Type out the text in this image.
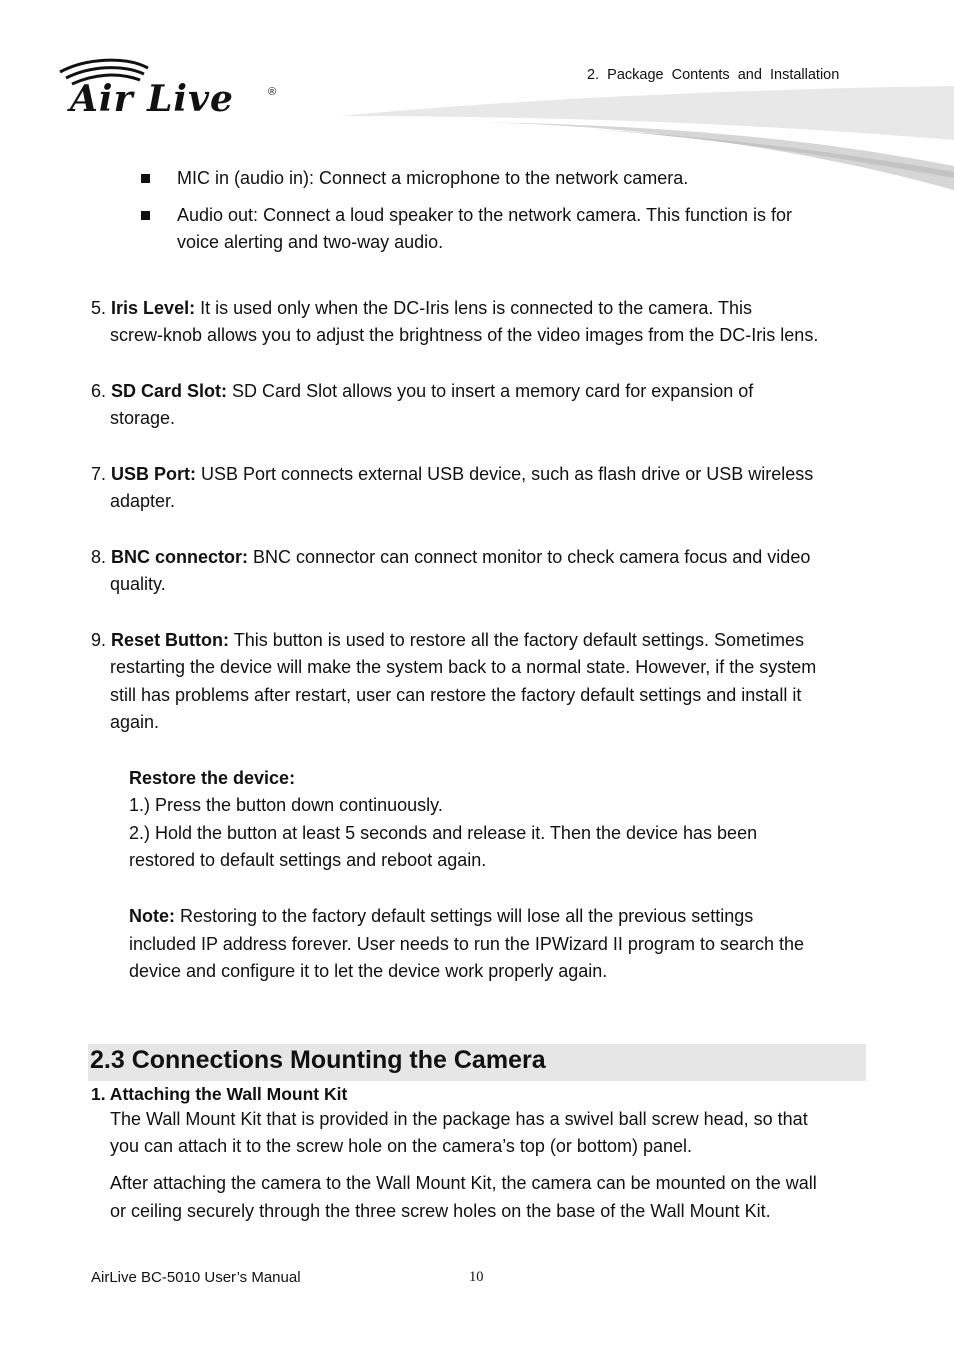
Air Live	®
2.  Package  Contents  and  Installation
MIC in (audio in): Connect a microphone to the network camera.
Audio out: Connect a loud speaker to the network camera. This function is for
voice alerting and two-way audio.
5. Iris Level: It is used only when the DC-Iris lens is connected to the camera. This
screw-knob allows you to adjust the brightness of the video images from the DC-Iris lens.
6. SD Card Slot: SD Card Slot allows you to insert a memory card for expansion of
storage.
7. USB Port: USB Port connects external USB device, such as flash drive or USB wireless
adapter.
8. BNC connector: BNC connector can connect monitor to check camera focus and video
quality.
9. Reset Button: This button is used to restore all the factory default settings. Sometimes
restarting the device will make the system back to a normal state. However, if the system
still has problems after restart, user can restore the factory default settings and install it
again.
Restore the device:
1.) Press the button down continuously.
2.) Hold the button at least 5 seconds and release it. Then the device has been
restored to default settings and reboot again.
Note: Restoring to the factory default settings will lose all the previous settings
included IP address forever. User needs to run the IPWizard II program to search the
device and configure it to let the device work properly again.
2.3 Connections Mounting the Camera
1. Attaching the Wall Mount Kit
The Wall Mount Kit that is provided in the package has a swivel ball screw head, so that
you can attach it to the screw hole on the camera’s top (or bottom) panel.
After attaching the camera to the Wall Mount Kit, the camera can be mounted on the wall
or ceiling securely through the three screw holes on the base of the Wall Mount Kit.
AirLive BC-5010 User’s Manual	10
